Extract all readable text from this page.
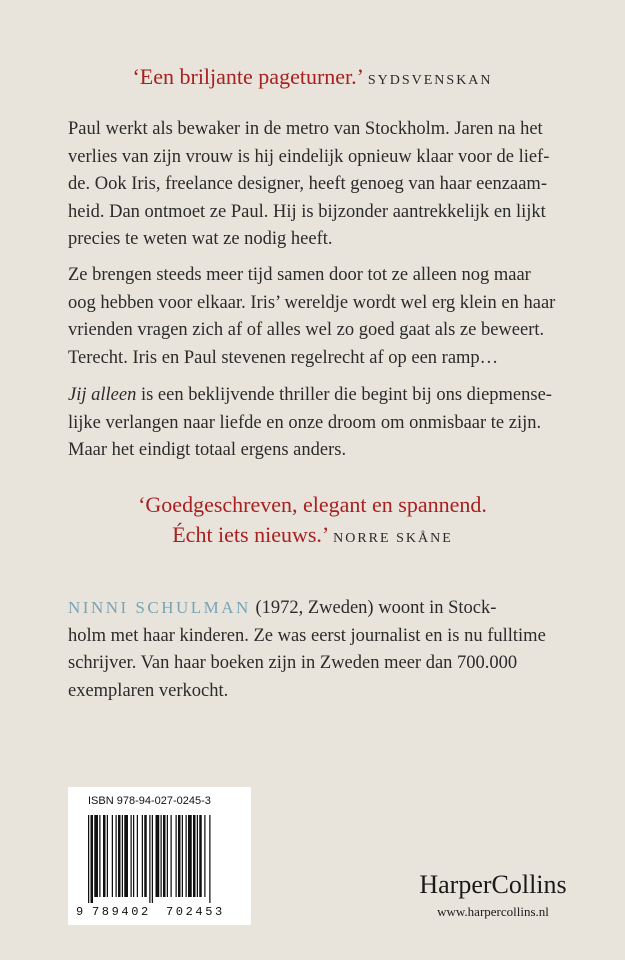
‘Een briljante pageturner.’ SYDSVENSKAN
Paul werkt als bewaker in de metro van Stockholm. Jaren na het
verlies van zijn vrouw is hij eindelijk opnieuw klaar voor de lief-
de. Ook Iris, freelance designer, heeft genoeg van haar eenzaam-
heid. Dan ontmoet ze Paul. Hij is bijzonder aantrekkelijk en lijkt
precies te weten wat ze nodig heeft.
Ze brengen steeds meer tijd samen door tot ze alleen nog maar
oog hebben voor elkaar. Iris’ wereldje wordt wel erg klein en haar
vrienden vragen zich af of alles wel zo goed gaat als ze beweert.
Terecht. Iris en Paul stevenen regelrecht af op een ramp…
Jij alleen is een beklijvende thriller die begint bij ons diepmense-
lijke verlangen naar liefde en onze droom om onmisbaar te zijn.
Maar het eindigt totaal ergens anders.
‘Goedgeschreven, elegant en spannend.
Écht iets nieuws.’ NORRE SKÅNE
NINNI SCHULMAN (1972, Zweden) woont in Stock-
holm met haar kinderen. Ze was eerst journalist en is nu fulltime
schrijver. Van haar boeken zijn in Zweden meer dan 700.000
exemplaren verkocht.
ISBN 978-94-027-0245-3
9 789402 702453
HarperCollins
www.harpercollins.nl
